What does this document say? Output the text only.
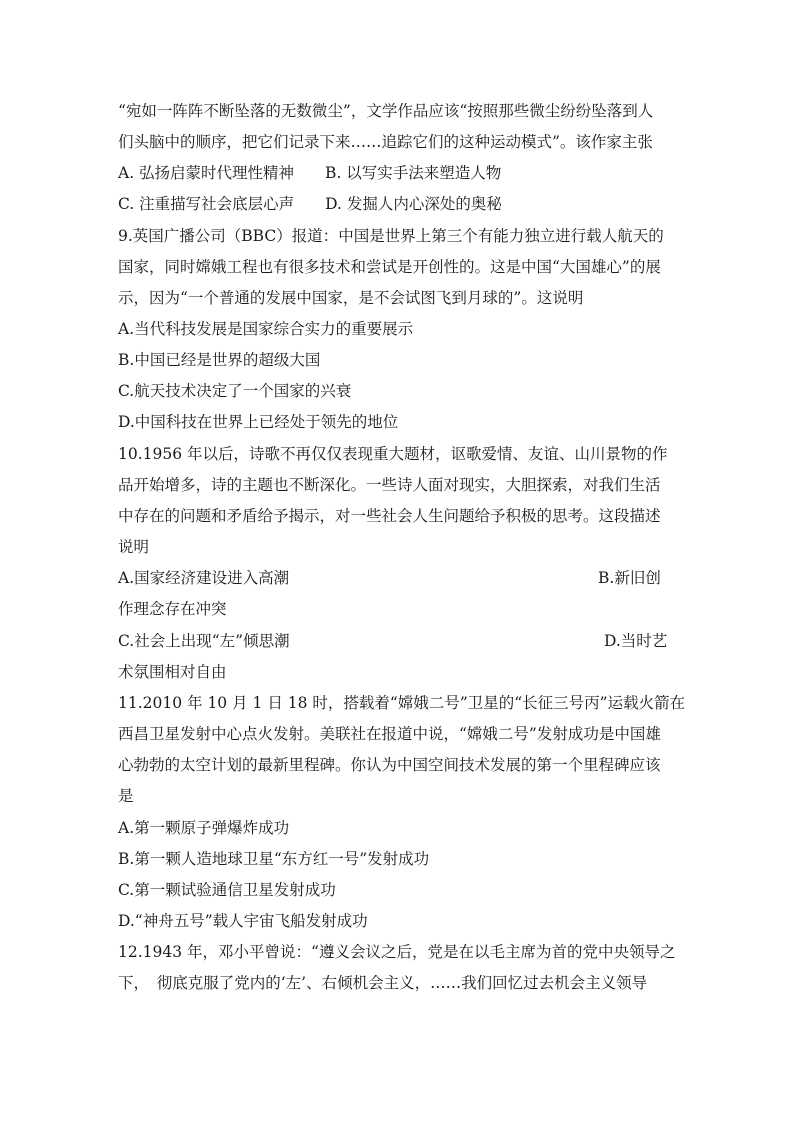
“宛如一阵阵不断坠落的无数微尘”，文学作品应该“按照那些微尘纷纷坠落到人
们头脑中的顺序，把它们记录下来……追踪它们的这种运动模式”。该作家主张
A. 弘扬启蒙时代理性精神　　B. 以写实手法来塑造人物
C. 注重描写社会底层心声　　D. 发掘人内心深处的奥秘
9.英国广播公司（BBC）报道：中国是世界上第三个有能力独立进行载人航天的
国家，同时嫦娥工程也有很多技术和尝试是开创性的。这是中国“大国雄心”的展
示，因为“一个普通的发展中国家，是不会试图飞到月球的”。这说明
A.当代科技发展是国家综合实力的重要展示
B.中国已经是世界的超级大国
C.航天技术决定了一个国家的兴衰
D.中国科技在世界上已经处于领先的地位
10.1956 年以后，诗歌不再仅仅表现重大题材，讴歌爱情、友谊、山川景物的作
品开始增多，诗的主题也不断深化。一些诗人面对现实，大胆探索，对我们生活
中存在的问题和矛盾给予揭示，对一些社会人生问题给予积极的思考。这段描述
说明
A.国家经济建设进入高潮	B.新旧创
作理念存在冲突
C.社会上出现“左”倾思潮	D.当时艺
术氛围相对自由
11.2010 年 10 月 1 日 18 时，搭载着“嫦娥二号”卫星的“长征三号丙”运载火箭在
西昌卫星发射中心点火发射。美联社在报道中说，“嫦娥二号”发射成功是中国雄
心勃勃的太空计划的最新里程碑。你认为中国空间技术发展的第一个里程碑应该
是
A.第一颗原子弹爆炸成功
B.第一颗人造地球卫星“东方红一号”发射成功
C.第一颗试验通信卫星发射成功
D.“神舟五号”载人宇宙飞船发射成功
12.1943 年，邓小平曾说：“遵义会议之后，党是在以毛主席为首的党中央领导之
下，　彻底克服了党内的‘左’、右倾机会主义，……我们回忆过去机会主义领导
